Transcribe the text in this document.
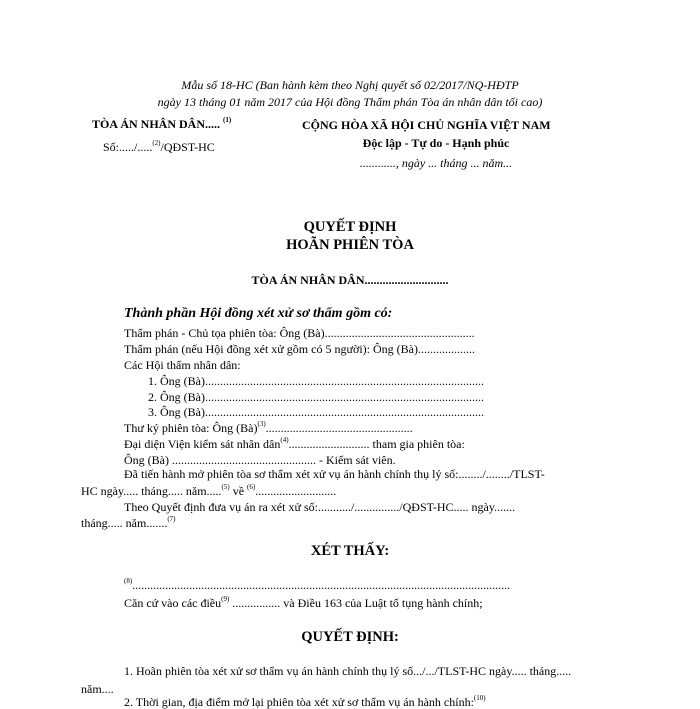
Mẫu số 18-HC (Ban hành kèm theo Nghị quyết số 02/2017/NQ-HĐTP
ngày 13 tháng 01 năm 2017 của Hội đồng Thẩm phán Tòa án nhân dân tối cao)
TÒA ÁN NHÂN DÂN..... $^{(1)}$
Số:...../.....$^{(2)}$/QĐST-HC
CỘNG HÒA XÃ HỘI CHỦ NGHĨA VIỆT NAM
Độc lập - Tự do - Hạnh phúc
............, ngày ... tháng ... năm...
QUYẾT ĐỊNH
HOÃN PHIÊN TÒA
TÒA ÁN NHÂN DÂN............................
Thành phần Hội đồng xét xử sơ thẩm gồm có:
Thẩm phán - Chủ tọa phiên tòa: Ông (Bà)..................................................
Thẩm phán (nếu Hội đồng xét xử gồm có 5 người): Ông (Bà)...................
Các Hội thẩm nhân dân:
1. Ông (Bà).............................................................................................
2. Ông (Bà).............................................................................................
3. Ông (Bà).............................................................................................
Thư ký phiên tòa: Ông (Bà)$^{(3)}$.................................................
Đại diện Viện kiểm sát nhân dân$^{(4)}$........................... tham gia phiên tòa:
Ông (Bà) ................................................ - Kiểm sát viên.
Đã tiến hành mở phiên tòa sơ thẩm xét xử vụ án hành chính thụ lý số:......../......../TLST-
HC ngày..... tháng..... năm.....$^{(5)}$ về $^{(6)}$...........................
Theo Quyết định đưa vụ án ra xét xử số:.........../.............../QĐST-HC..... ngày.......
tháng..... năm.......$^{(7)}$
XÉT THẤY:
$^{(8)}$..............................................................................................................................
Căn cứ vào các điều$^{(9)}$ ................ và Điều 163 của Luật tố tụng hành chính;
QUYẾT ĐỊNH:
1. Hoãn phiên tòa xét xử sơ thẩm vụ án hành chính thụ lý số.../.../TLST-HC ngày..... tháng.....
năm....
2. Thời gian, địa điểm mở lại phiên tòa xét xử sơ thẩm vụ án hành chính:$^{(10)}$
